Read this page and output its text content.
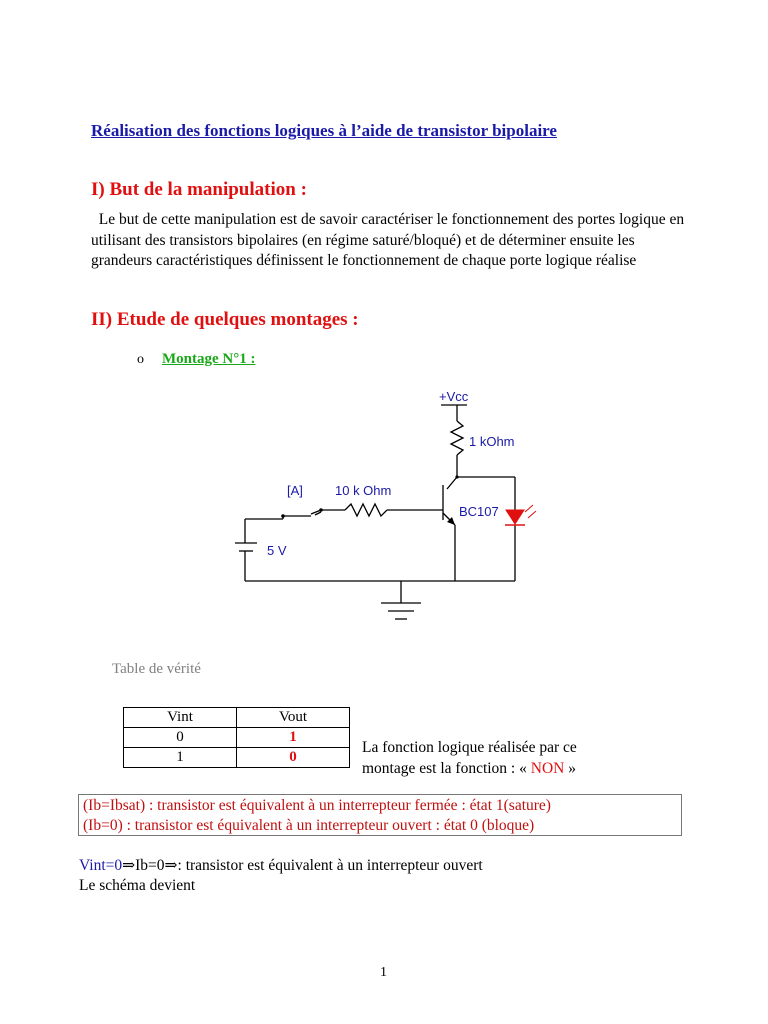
Réalisation des fonctions logiques à l’aide de transistor bipolaire
I) But de la manipulation :
Le but de cette manipulation est de savoir caractériser le fonctionnement des portes logique en utilisant des transistors bipolaires (en régime saturé/bloqué) et de déterminer ensuite les grandeurs caractéristiques définissent le fonctionnement de chaque porte logique réalise
II) Etude de quelques montages :
o Montage N°1 :
+Vcc
1 kOhm
[A] 10 k Ohm
BC107
5 V
Table de vérité
Vint	Vout
0	1
1	0
La fonction logique réalisée par ce
montage est la fonction : « NON »
(Ib=Ibsat) : transistor est équivalent à un interrepteur fermée : état 1(sature)
(Ib=0) : transistor est équivalent à un interrepteur ouvert : état 0 (bloque)
Vint=0⇒Ib=0⇒: transistor est équivalent à un interrepteur ouvert
Le schéma devient
1
